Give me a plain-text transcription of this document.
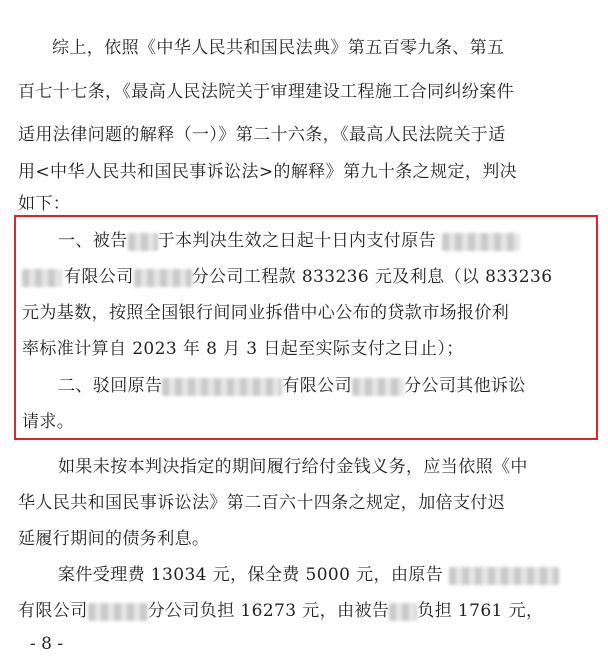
综上，依照《中华人民共和国民法典》第五百零九条、第五
百七十七条，《最高人民法院关于审理建设工程施工合同纠纷案件
适用法律问题的解释（一）》第二十六条，《最高人民法院关于适
用<中华人民共和国民事诉讼法>的解释》第九十条之规定，判决
如下：
一、被告 于本判决生效之日起十日内支付原告
有限公司	分公司工程款 833236 元及利息（以 833236
元为基数，按照全国银行间同业拆借中心公布的贷款市场报价利
率标准计算自 2023 年 8 月 3 日起至实际支付之日止）；
二、驳回原告	有限公司	分公司其他诉讼
请求。
如果未按本判决指定的期间履行给付金钱义务，应当依照《中
华人民共和国民事诉讼法》第二百六十四条之规定，加倍支付迟
延履行期间的债务利息。
案件受理费 13034 元，保全费 5000 元，由原告
有限公司	分公司负担 16273 元，由被告 负担 1761 元，
- 8 -
